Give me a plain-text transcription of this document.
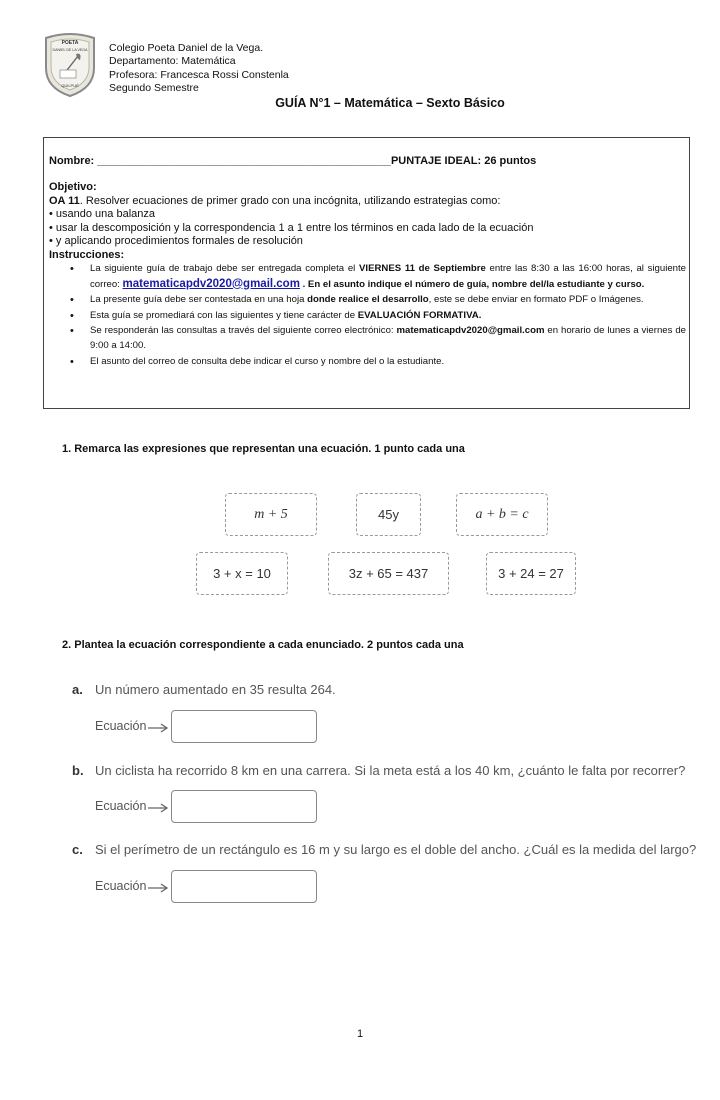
POETA
DANIEL DE LA VEGA
QUILPUÉ
Colegio Poeta Daniel de la Vega.
Departamento: Matemática
Profesora: Francesca Rossi Constenla
Segundo Semestre
GUÍA N°1 – Matemática – Sexto Básico
Nombre: ________________________________________________PUNTAJE IDEAL: 26 puntos
Objetivo:
OA 11. Resolver ecuaciones de primer grado con una incógnita, utilizando estrategias como:
• usando una balanza
• usar la descomposición y la correspondencia 1 a 1 entre los términos en cada lado de la ecuación
• y aplicando procedimientos formales de resolución
Instrucciones:
• La siguiente guía de trabajo debe ser entregada completa el VIERNES 11 de Septiembre entre las 8:30 a las 16:00 horas, al siguiente correo: matematicapdv2020@gmail.com . En el asunto indique el número de guía, nombre del/la estudiante y curso.
• La presente guía debe ser contestada en una hoja donde realice el desarrollo, este se debe enviar en formato PDF o Imágenes.
• Esta guía se promediará con las siguientes y tiene carácter de EVALUACIÓN FORMATIVA.
• Se responderán las consultas a través del siguiente correo electrónico: matematicapdv2020@gmail.com en horario de lunes a viernes de 9:00 a 14:00.
• El asunto del correo de consulta debe indicar el curso y nombre del o la estudiante.
1. Remarca las expresiones que representan una ecuación. 1 punto cada una
m + 5	45y	a + b = c
3 + x = 10	3z + 65 = 437	3 + 24 = 27
2. Plantea la ecuación correspondiente a cada enunciado. 2 puntos cada una
a. Un número aumentado en 35 resulta 264.
Ecuación
b. Un ciclista ha recorrido 8 km en una carrera. Si la meta está a los 40 km, ¿cuánto le falta por recorrer?
Ecuación
c. Si el perímetro de un rectángulo es 16 m y su largo es el doble del ancho. ¿Cuál es la medida del largo?
Ecuación
1
